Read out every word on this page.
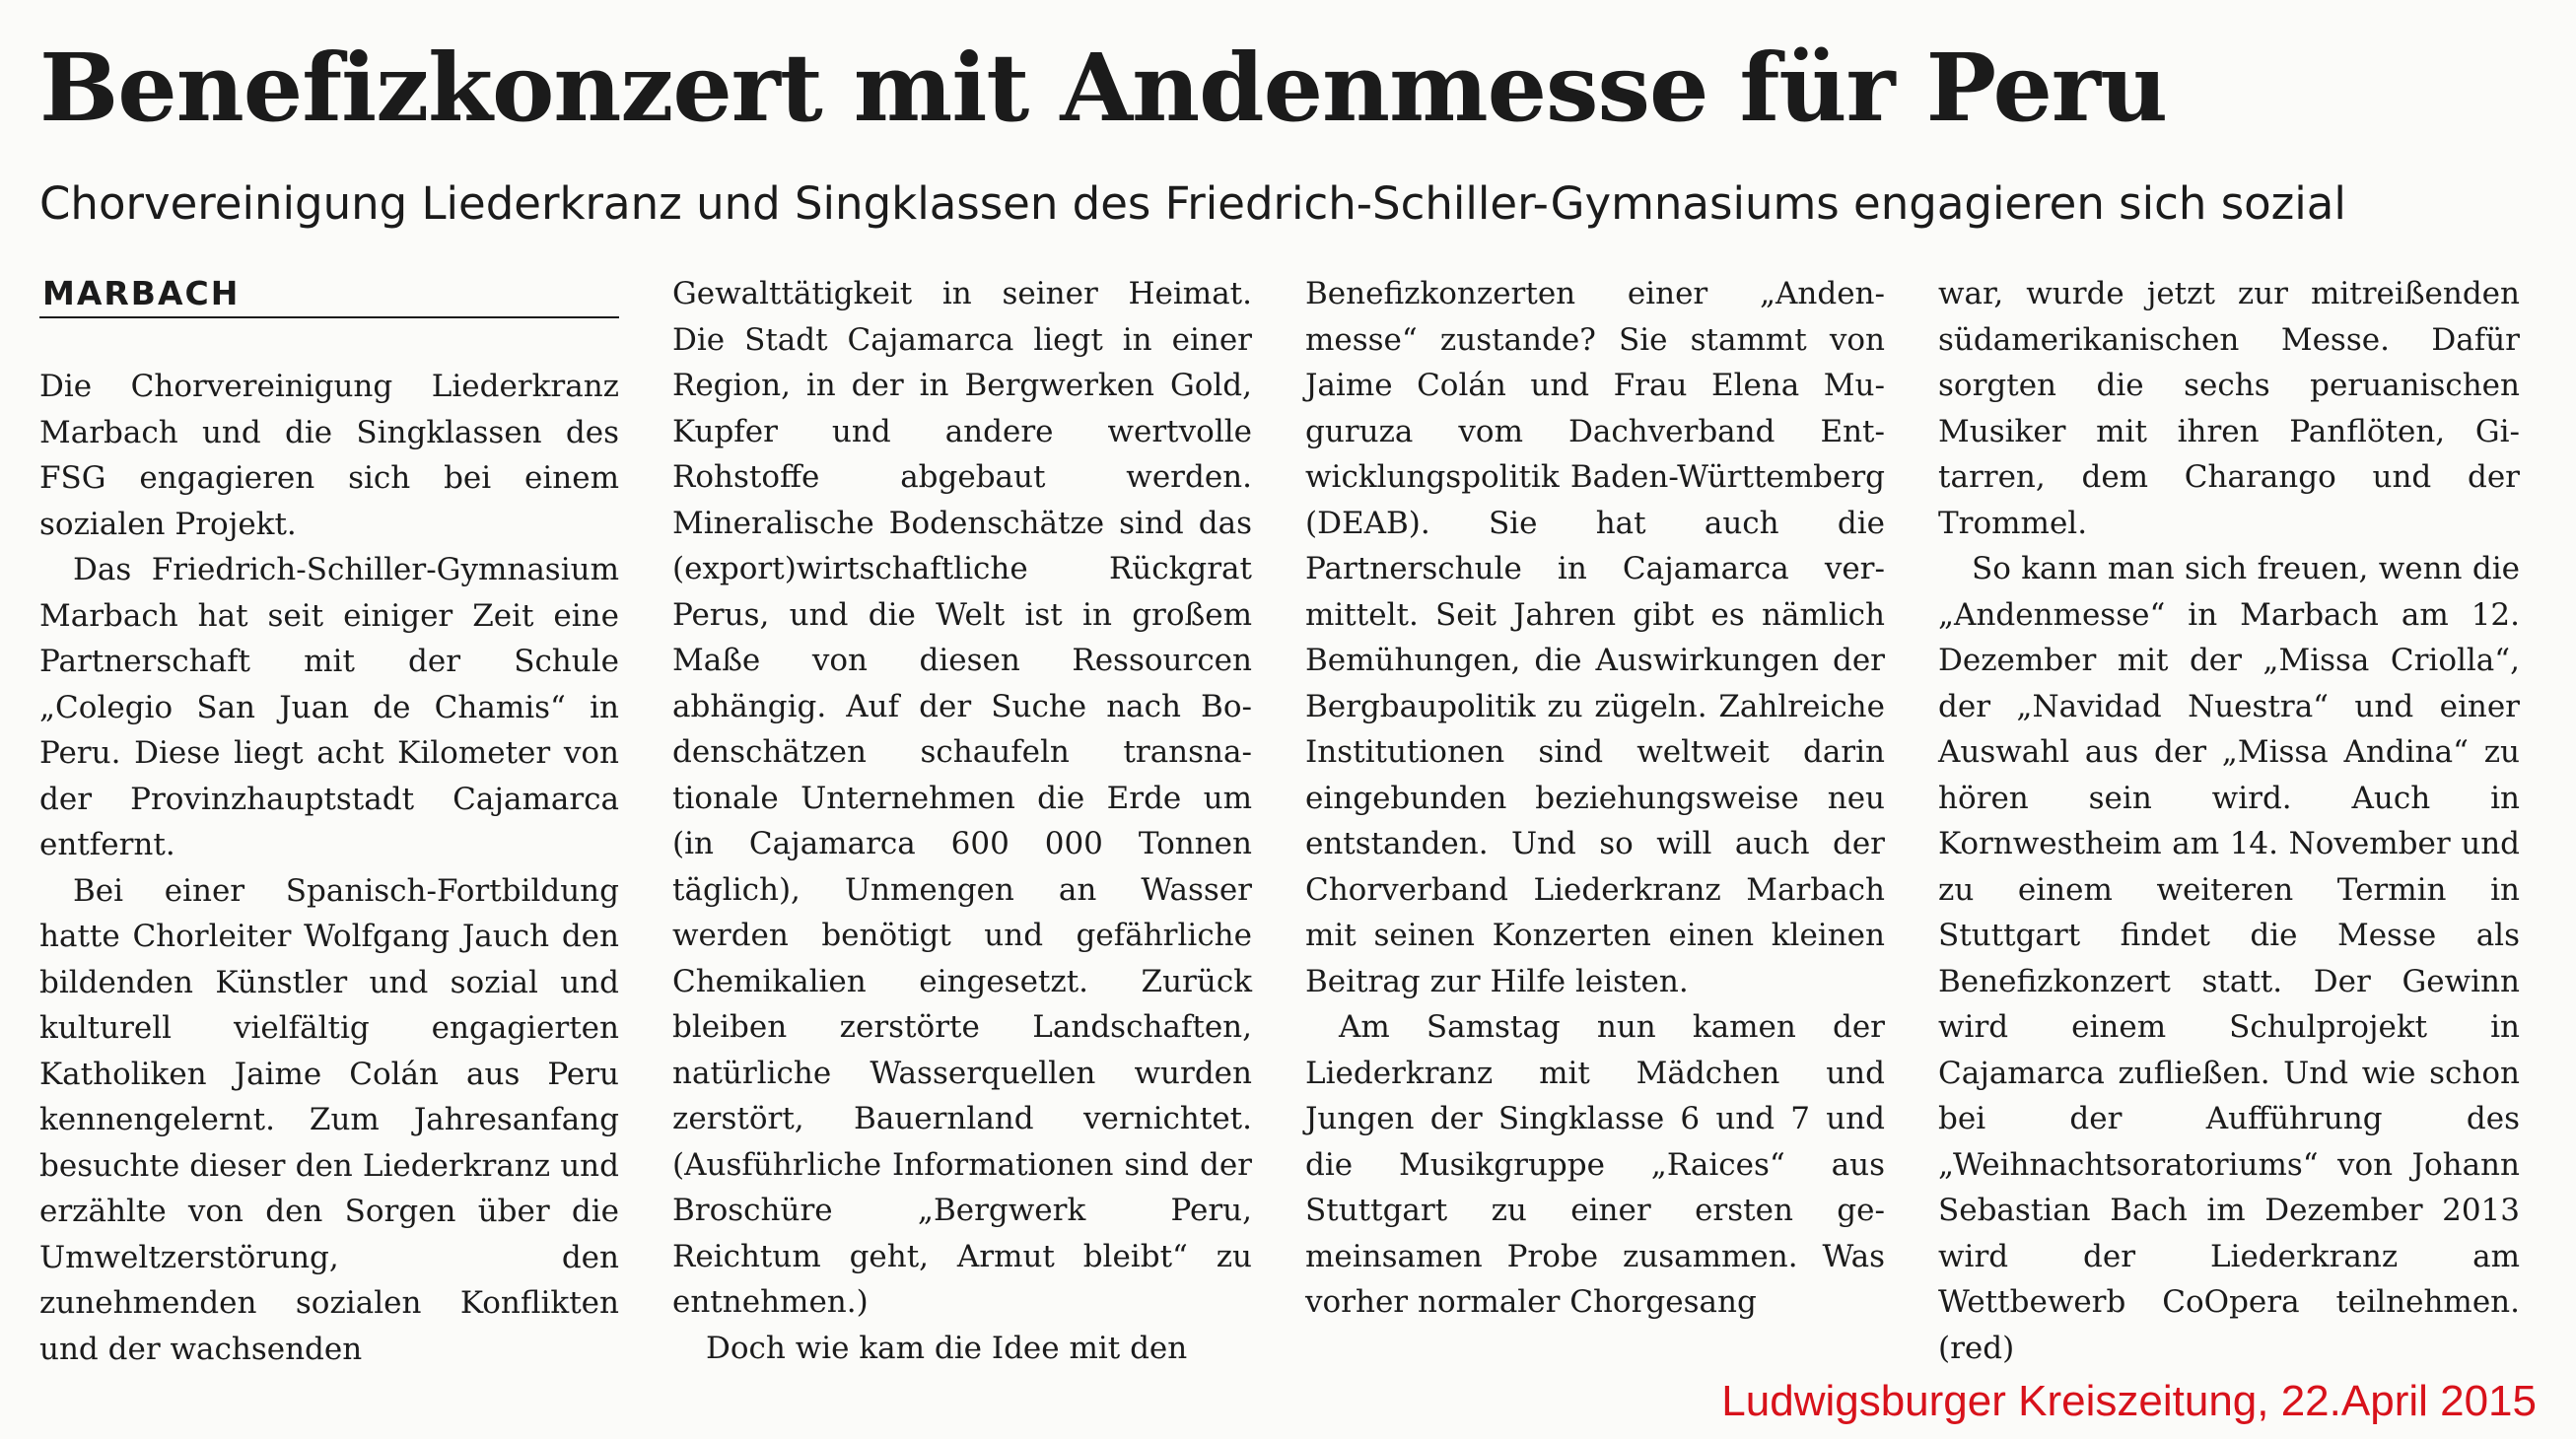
Benefizkonzert mit Andenmesse für Peru
Chorvereinigung Liederkranz und Singklassen des Friedrich-Schiller-Gymnasiums engagieren sich sozial
MARBACH

Die Chorvereinigung Liederkranz Marbach und die Singklassen des FSG engagieren sich bei einem sozialen Projekt.

Das Friedrich-Schiller-Gymnasium Marbach hat seit einiger Zeit eine Partnerschaft mit der Schule „Colegio San Juan de Chamis“ in Peru. Diese liegt acht Kilometer von der Provinzhauptstadt Cajamarca entfernt.

Bei einer Spanisch-Fortbildung hatte Chorleiter Wolfgang Jauch den bildenden Künstler und sozial und kulturell vielfältig engagierten Katholiken Jaime Colán aus Peru kennengelernt. Zum Jahresanfang besuchte dieser den Liederkranz und erzählte von den Sorgen über die Umweltzerstörung, den zunehmenden sozialen Konflikten und der wachsenden

Gewalttätigkeit in seiner Heimat. Die Stadt Cajamarca liegt in einer Region, in der in Bergwerken Gold, Kupfer und andere wertvolle Rohstoffe abgebaut werden. Mineralische Bodenschätze sind das (export)wirtschaftliche Rückgrat Perus, und die Welt ist in großem Maße von diesen Ressourcen abhängig. Auf der Suche nach Bodenschätzen schaufeln transnationale Unternehmen die Erde um (in Cajamarca 600 000 Tonnen täglich), Unmengen an Wasser werden benötigt und gefährliche Chemikalien eingesetzt. Zurück bleiben zerstörte Landschaften, natürliche Wasserquellen wurden zerstört, Bauernland vernichtet. (Ausführliche Informationen sind der Broschüre „Bergwerk Peru, Reichtum geht, Armut bleibt“ zu entnehmen.)

Doch wie kam die Idee mit den

Benefizkonzerten einer „Andenmesse“ zustande? Sie stammt von Jaime Colán und Frau Elena Muguruza vom Dachverband Entwicklungspolitik Baden-Württemberg (DEAB). Sie hat auch die Partnerschule in Cajamarca vermittelt. Seit Jahren gibt es nämlich Bemühungen, die Auswirkungen der Bergbaupolitik zu zügeln. Zahlreiche Institutionen sind weltweit darin eingebunden beziehungsweise neu entstanden. Und so will auch der Chorverband Liederkranz Marbach mit seinen Konzerten einen kleinen Beitrag zur Hilfe leisten.

Am Samstag nun kamen der Liederkranz mit Mädchen und Jungen der Singklasse 6 und 7 und die Musikgruppe „Raices“ aus Stuttgart zu einer ersten gemeinsamen Probe zusammen. Was vorher normaler Chorgesang

war, wurde jetzt zur mitreißenden südamerikanischen Messe. Dafür sorgten die sechs peruanischen Musiker mit ihren Panflöten, Gitarren, dem Charango und der Trommel.

So kann man sich freuen, wenn die „Andenmesse“ in Marbach am 12. Dezember mit der „Missa Criolla“, der „Navidad Nuestra“ und einer Auswahl aus der „Missa Andina“ zu hören sein wird. Auch in Kornwestheim am 14. November und zu einem weiteren Termin in Stuttgart findet die Messe als Benefizkonzert statt. Der Gewinn wird einem Schulprojekt in Cajamarca zufließen. Und wie schon bei der Aufführung des „Weihnachtsoratoriums“ von Johann Sebastian Bach im Dezember 2013 wird der Liederkranz am Wettbewerb CoOpera teilnehmen. (red)

Ludwigsburger Kreiszeitung, 22.April 2015
